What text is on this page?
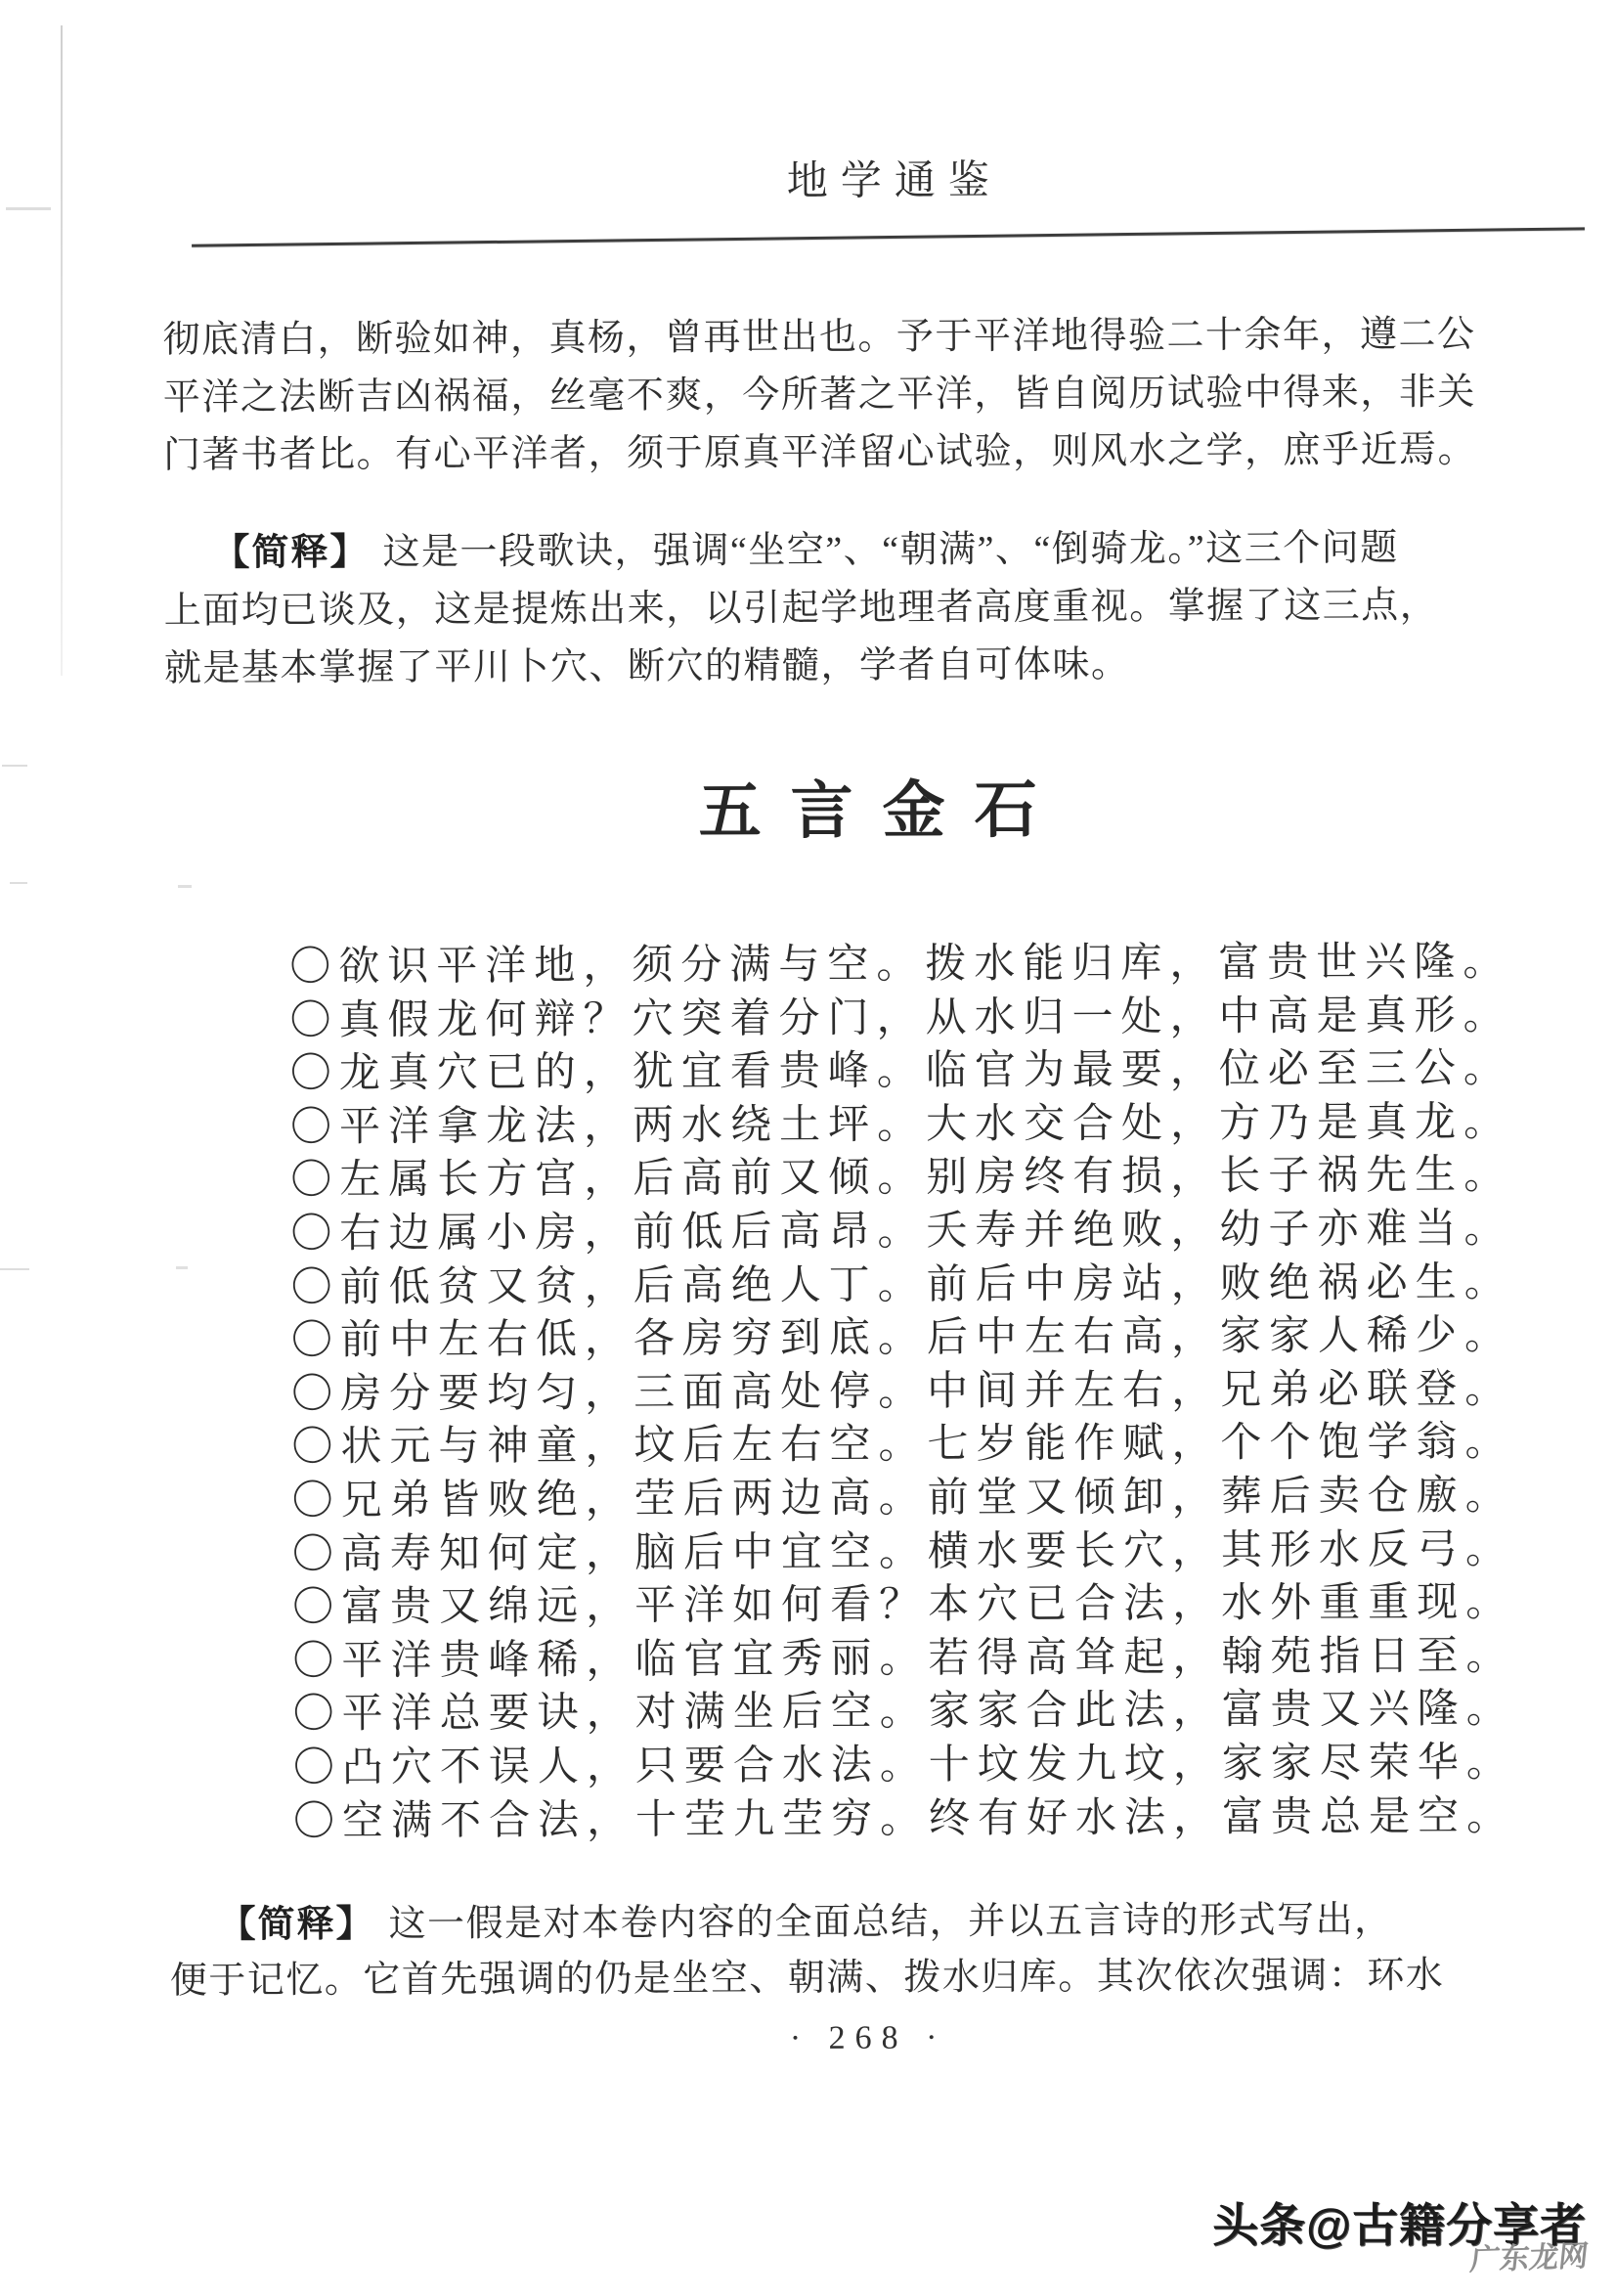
地学通鉴
彻底清白，断验如神，真杨，曾再世出也。予于平洋地得验二十余年，遵二公
平洋之法断吉凶祸福，丝毫不爽，今所著之平洋，皆自阅历试验中得来，非关
门著书者比。有心平洋者，须于原真平洋留心试验，则风水之学，庶乎近焉。
【简释】 这是一段歌诀，强调“坐空”、“朝满”、“倒骑龙。”这三个问题
上面均已谈及，这是提炼出来，以引起学地理者高度重视。掌握了这三点，
就是基本掌握了平川卜穴、断穴的精髓，学者自可体味。
五言金石
〇欲识平洋地，须分满与空。拨水能归库，富贵世兴隆。
〇真假龙何辩？穴突着分门，从水归一处，中高是真形。
〇龙真穴已的，犹宜看贵峰。临官为最要，位必至三公。
〇平洋拿龙法，两水绕土坪。大水交合处，方乃是真龙。
〇左属长方宫，后高前又倾。别房终有损，长子祸先生。
〇右边属小房，前低后高昂。夭寿并绝败，幼子亦难当。
〇前低贫又贫，后高绝人丁。前后中房站，败绝祸必生。
〇前中左右低，各房穷到底。后中左右高，家家人稀少。
〇房分要均匀，三面高处停。中间并左右，兄弟必联登。
〇状元与神童，坟后左右空。七岁能作赋，个个饱学翁。
〇兄弟皆败绝，茔后两边高。前堂又倾卸，葬后卖仓廒。
〇高寿知何定，脑后中宜空。横水要长穴，其形水反弓。
〇富贵又绵远，平洋如何看？本穴已合法，水外重重现。
〇平洋贵峰稀，临官宜秀丽。若得高耸起，翰苑指日至。
〇平洋总要诀，对满坐后空。家家合此法，富贵又兴隆。
〇凸穴不误人，只要合水法。十坟发九坟，家家尽荣华。
〇空满不合法，十茔九茔穷。终有好水法，富贵总是空。
【简释】 这一假是对本卷内容的全面总结，并以五言诗的形式写出，
便于记忆。它首先强调的仍是坐空、朝满、拨水归库。其次依次强调：环水
· 268 ·
头条@古籍分享者
广东龙网
